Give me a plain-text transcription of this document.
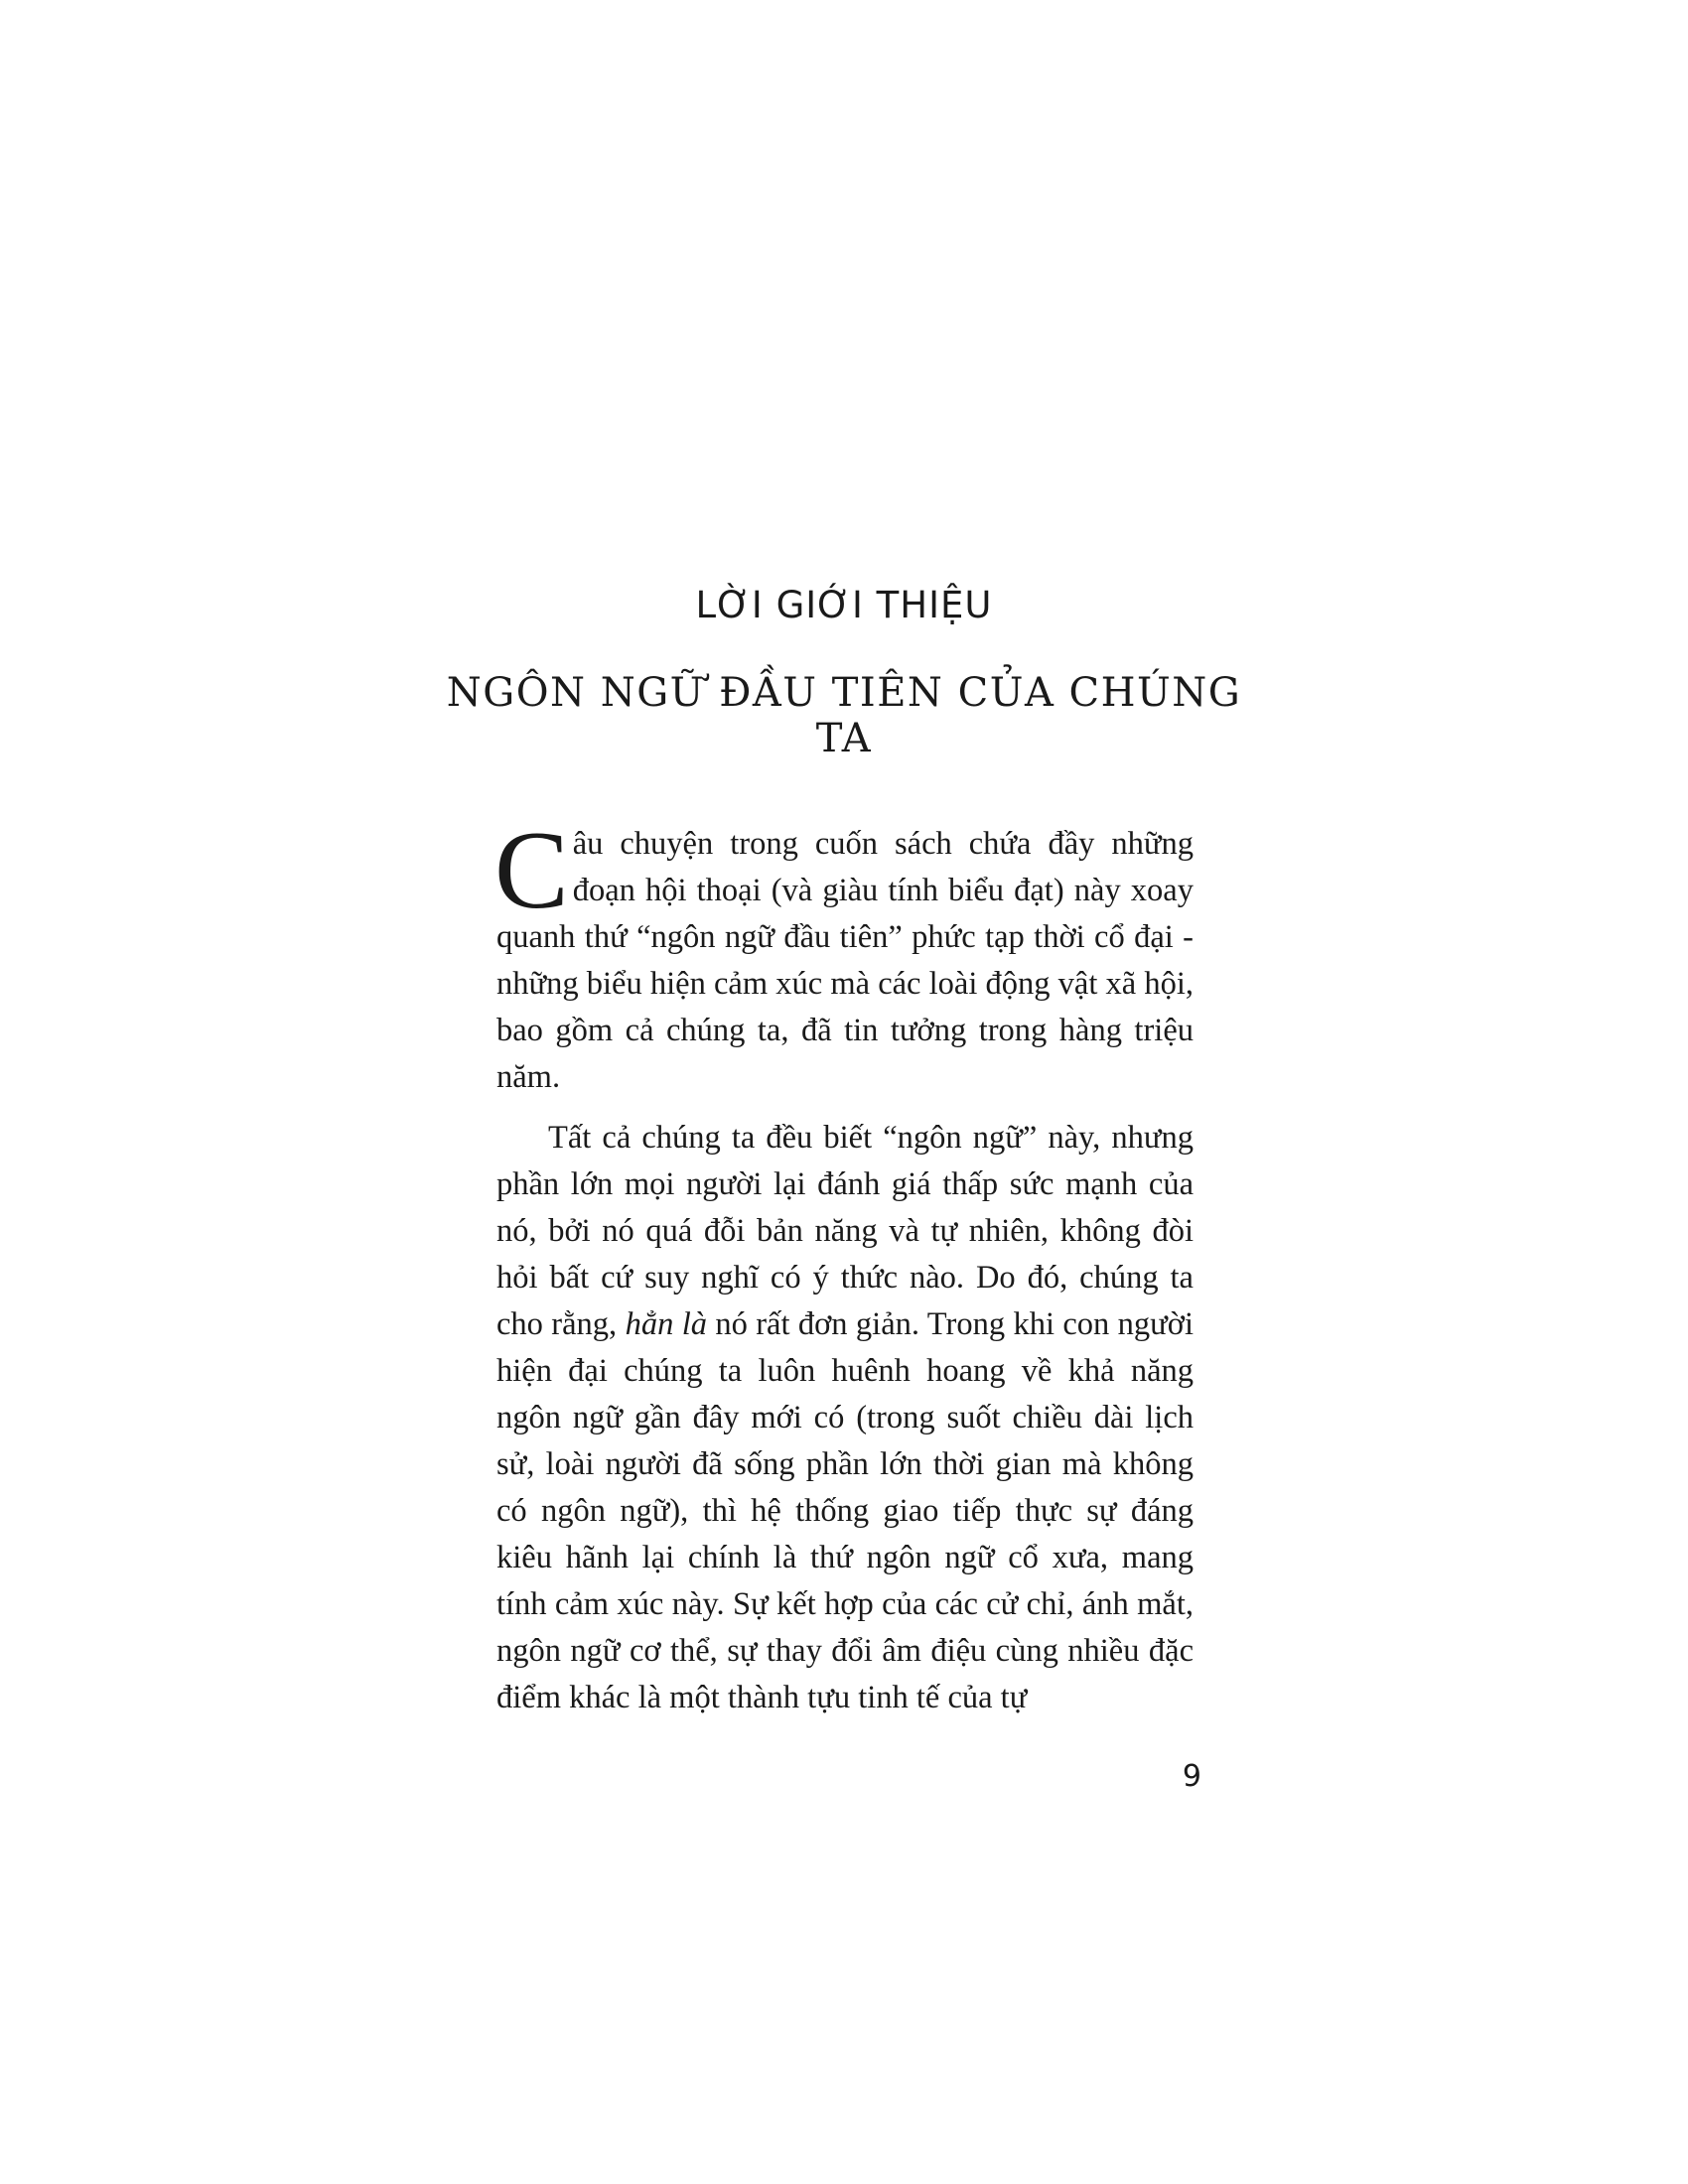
LỜI GIỚI THIỆU
NGÔN NGỮ ĐẦU TIÊN CỦA CHÚNG TA

Câu chuyện trong cuốn sách chứa đầy những đoạn hội thoại (và giàu tính biểu đạt) này xoay quanh thứ “ngôn ngữ đầu tiên” phức tạp thời cổ đại - những biểu hiện cảm xúc mà các loài động vật xã hội, bao gồm cả chúng ta, đã tin tưởng trong hàng triệu năm.

Tất cả chúng ta đều biết “ngôn ngữ” này, nhưng phần lớn mọi người lại đánh giá thấp sức mạnh của nó, bởi nó quá đỗi bản năng và tự nhiên, không đòi hỏi bất cứ suy nghĩ có ý thức nào. Do đó, chúng ta cho rằng, hẳn là nó rất đơn giản. Trong khi con người hiện đại chúng ta luôn huênh hoang về khả năng ngôn ngữ gần đây mới có (trong suốt chiều dài lịch sử, loài người đã sống phần lớn thời gian mà không có ngôn ngữ), thì hệ thống giao tiếp thực sự đáng kiêu hãnh lại chính là thứ ngôn ngữ cổ xưa, mang tính cảm xúc này. Sự kết hợp của các cử chỉ, ánh mắt, ngôn ngữ cơ thể, sự thay đổi âm điệu cùng nhiều đặc điểm khác là một thành tựu tinh tế của tự

9
